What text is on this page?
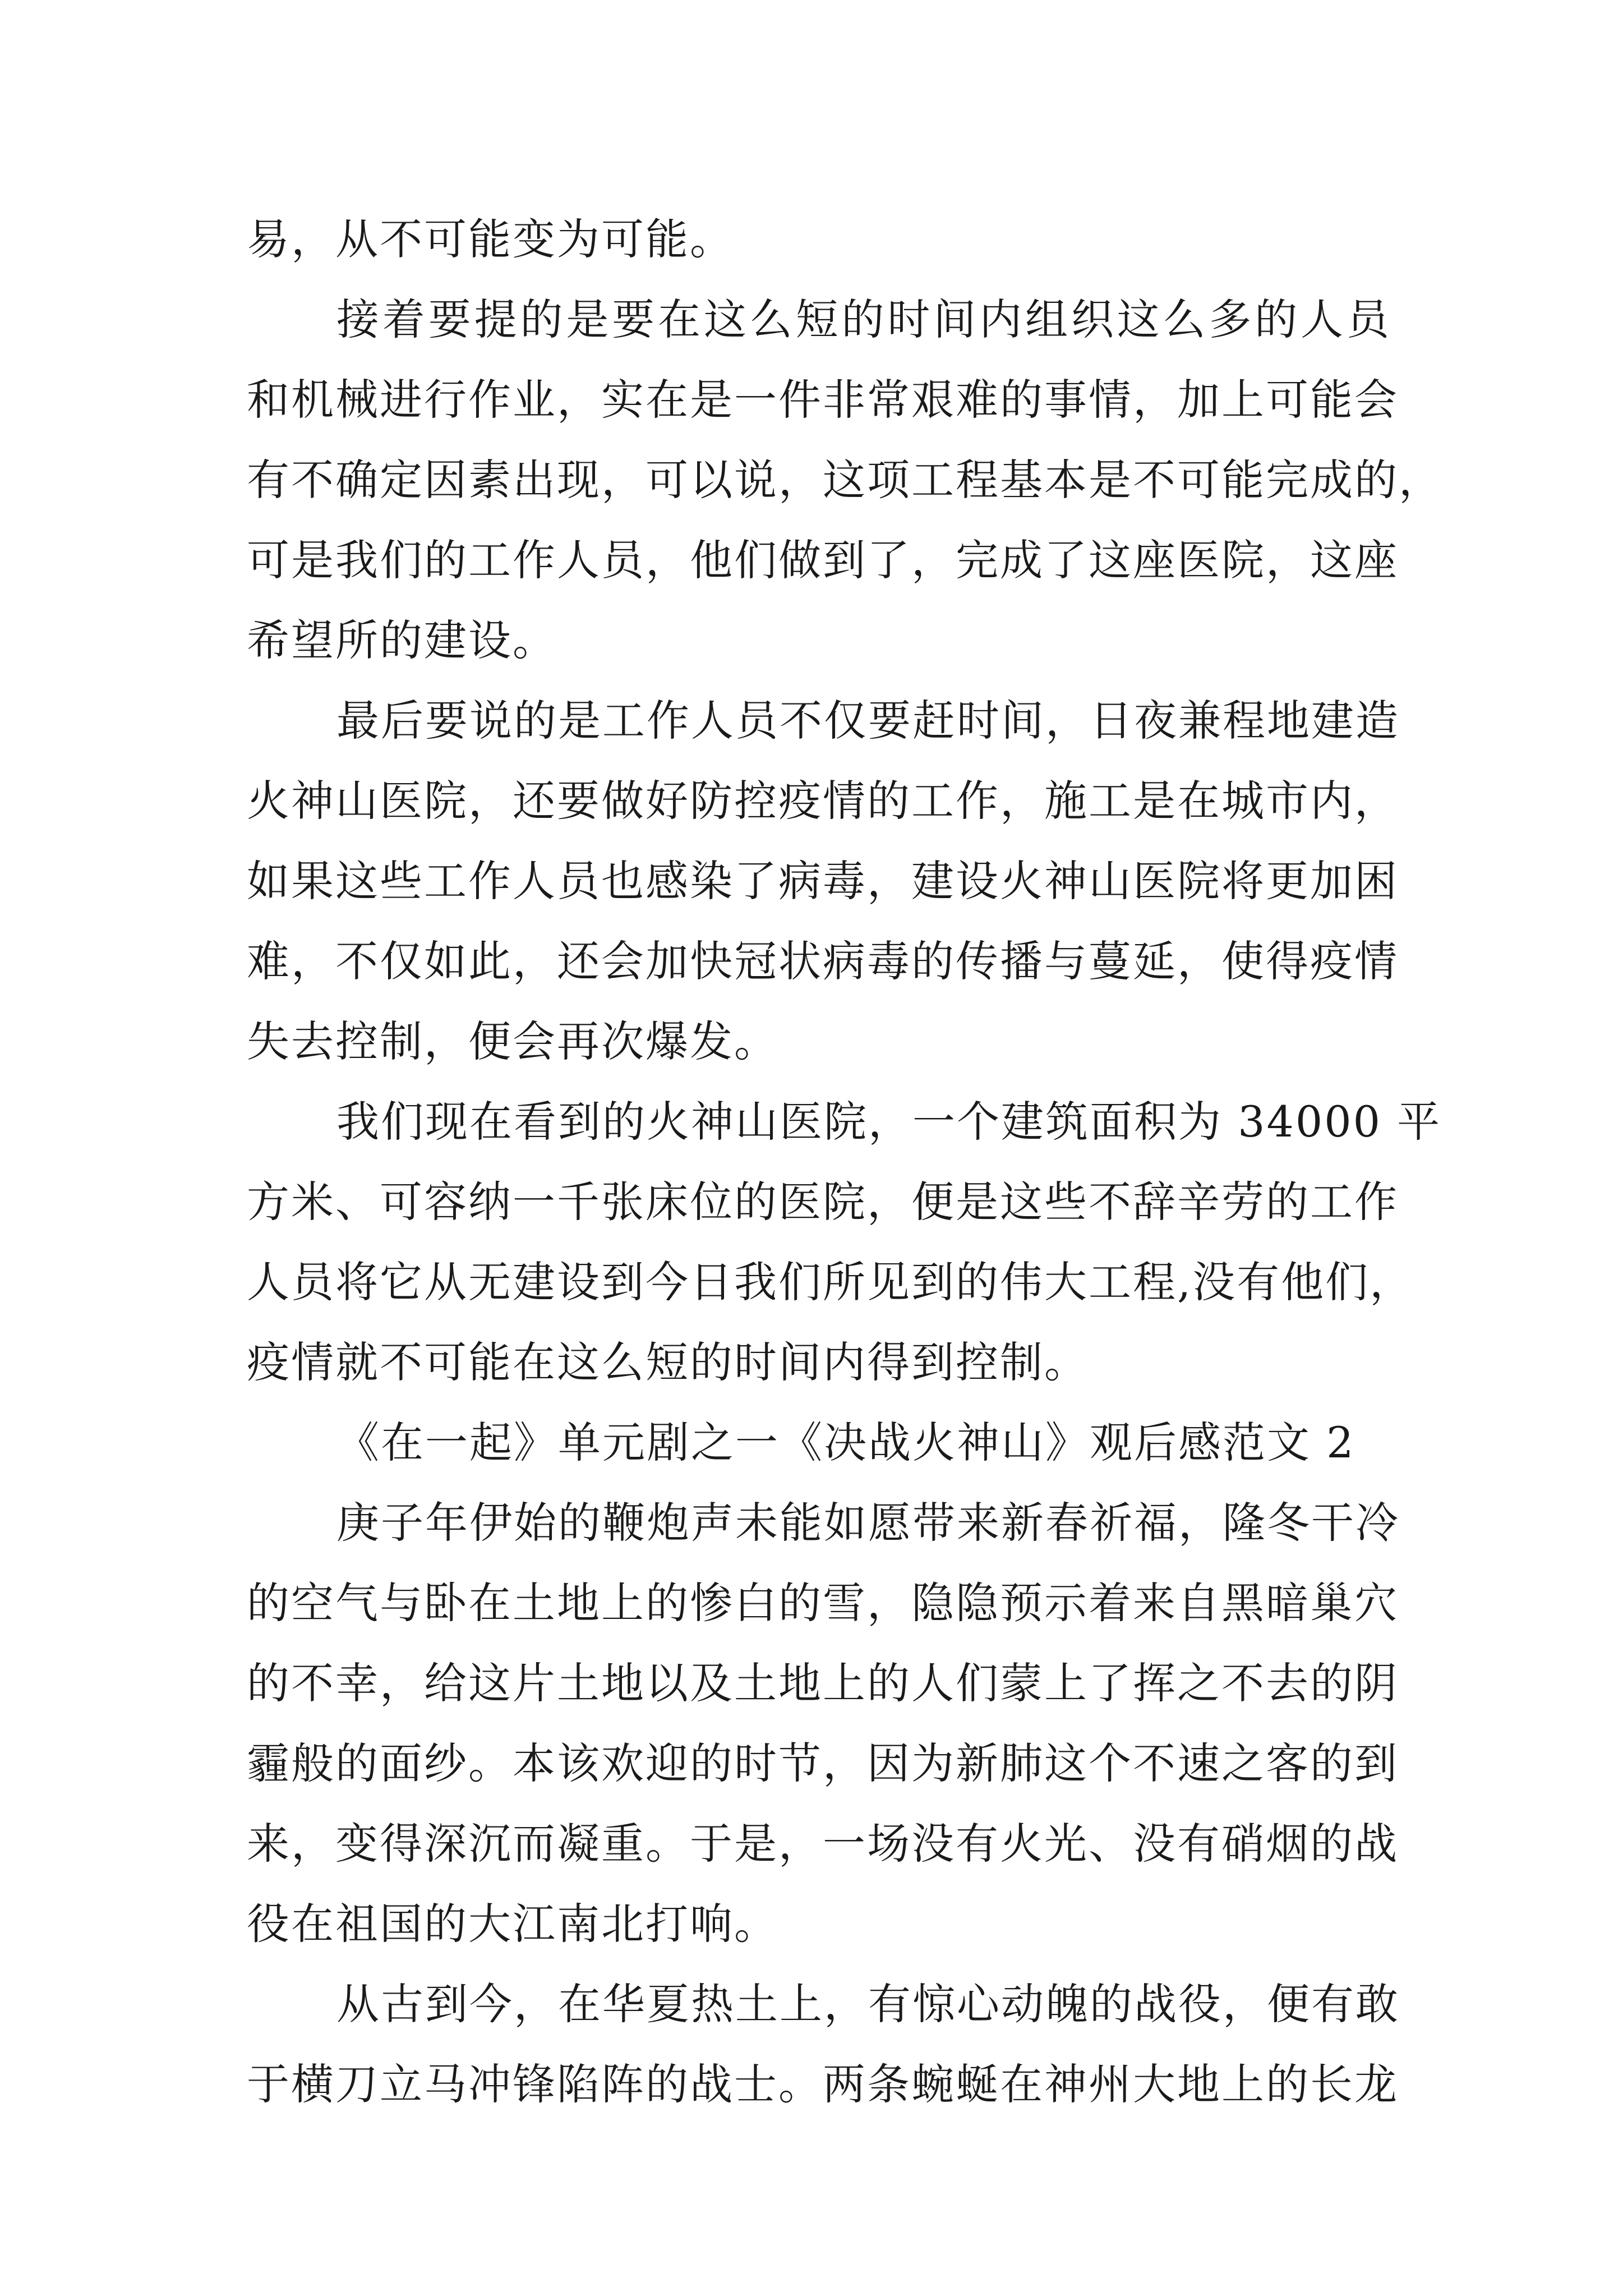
易，从不可能变为可能。
接着要提的是要在这么短的时间内组织这么多的人员
和机械进行作业，实在是一件非常艰难的事情，加上可能会
有不确定因素出现，可以说，这项工程基本是不可能完成的，
可是我们的工作人员，他们做到了，完成了这座医院，这座
希望所的建设。
最后要说的是工作人员不仅要赶时间，日夜兼程地建造
火神山医院，还要做好防控疫情的工作，施工是在城市内，
如果这些工作人员也感染了病毒，建设火神山医院将更加困
难，不仅如此，还会加快冠状病毒的传播与蔓延，使得疫情
失去控制，便会再次爆发。
我们现在看到的火神山医院，一个建筑面积为 34000 平
方米、可容纳一千张床位的医院，便是这些不辞辛劳的工作
人员将它从无建设到今日我们所见到的伟大工程,没有他们，
疫情就不可能在这么短的时间内得到控制。
《在一起》单元剧之一《决战火神山》观后感范文 2
庚子年伊始的鞭炮声未能如愿带来新春祈福，隆冬干冷
的空气与卧在土地上的惨白的雪，隐隐预示着来自黑暗巢穴
的不幸，给这片土地以及土地上的人们蒙上了挥之不去的阴
霾般的面纱。本该欢迎的时节，因为新肺这个不速之客的到
来，变得深沉而凝重。于是，一场没有火光、没有硝烟的战
役在祖国的大江南北打响。
从古到今，在华夏热土上，有惊心动魄的战役，便有敢
于横刀立马冲锋陷阵的战士。两条蜿蜒在神州大地上的长龙
